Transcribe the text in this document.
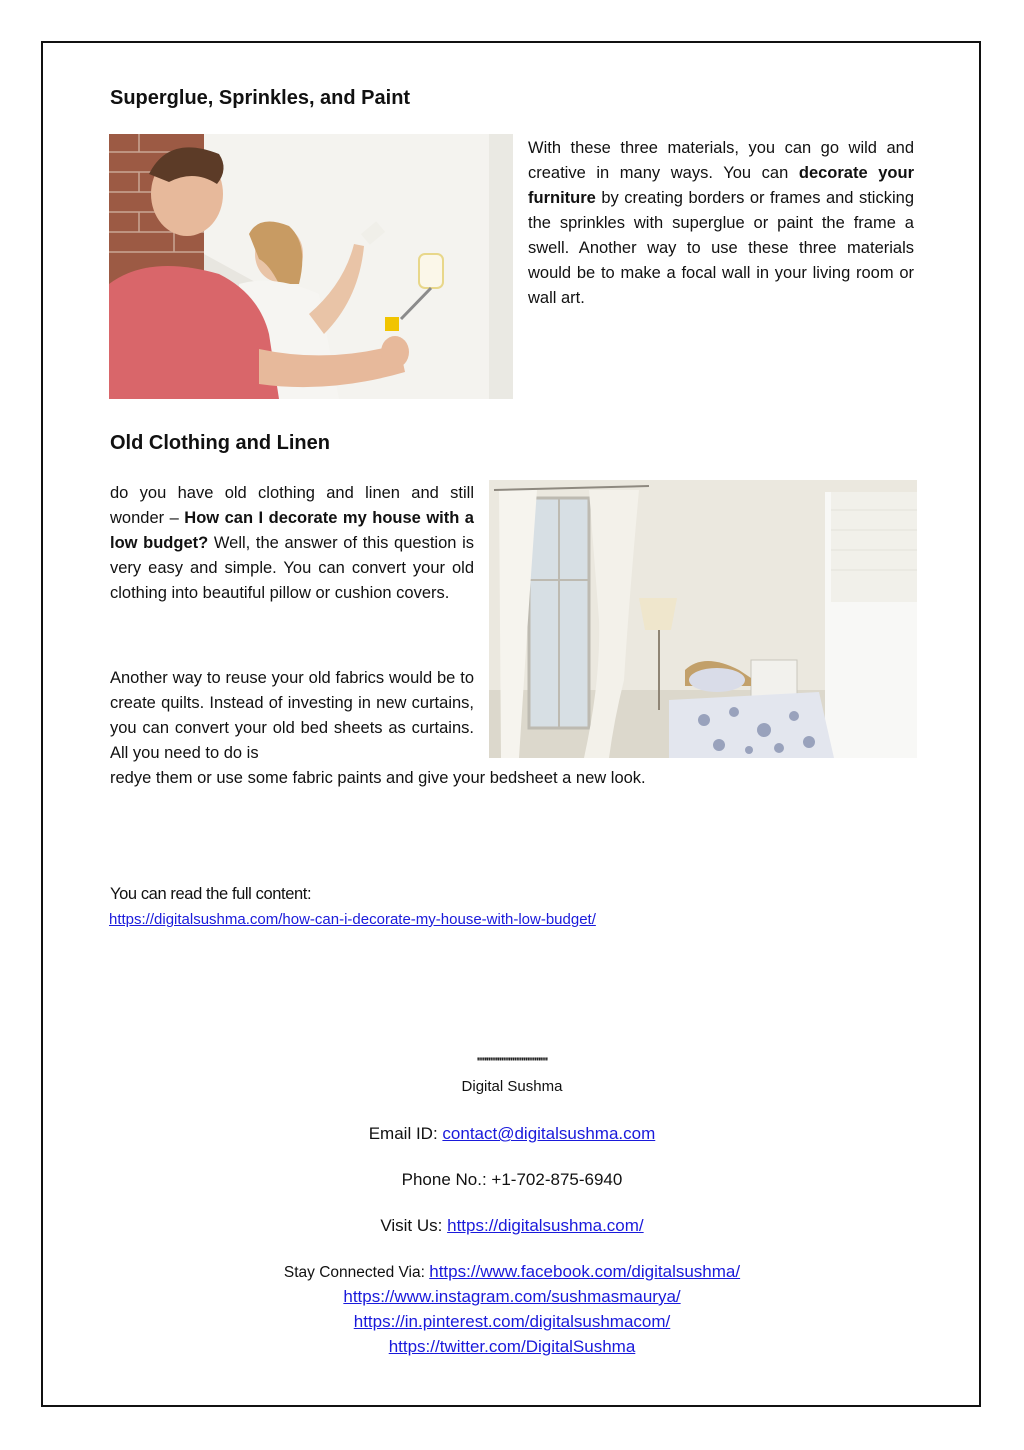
Superglue, Sprinkles, and Paint

With these three materials, you can go wild and creative in many ways. You can decorate your furniture by creating borders or frames and sticking the sprinkles with superglue or paint the frame a swell. Another way to use these three materials would be to make a focal wall in your living room or wall art.

Old Clothing and Linen

do you have old clothing and linen and still wonder – How can I decorate my house with a low budget? Well, the answer of this question is very easy and simple. You can convert your old clothing into beautiful pillow or cushion covers.

Another way to reuse your old fabrics would be to create quilts. Instead of investing in new curtains, you can convert your old bed sheets as curtains. All you need to do is

redye them or use some fabric paints and give your bedsheet a new look.

You can read the full content:
https://digitalsushma.com/how-can-i-decorate-my-house-with-low-budget/
''''''''''''''''''''''''''''''''''''''
Digital Sushma
Email ID: contact@digitalsushma.com
Phone No.: +1-702-875-6940
Visit Us: https://digitalsushma.com/
Stay Connected Via: https://www.facebook.com/digitalsushma/
https://www.instagram.com/sushmasmaurya/
https://in.pinterest.com/digitalsushmacom/
https://twitter.com/DigitalSushma
